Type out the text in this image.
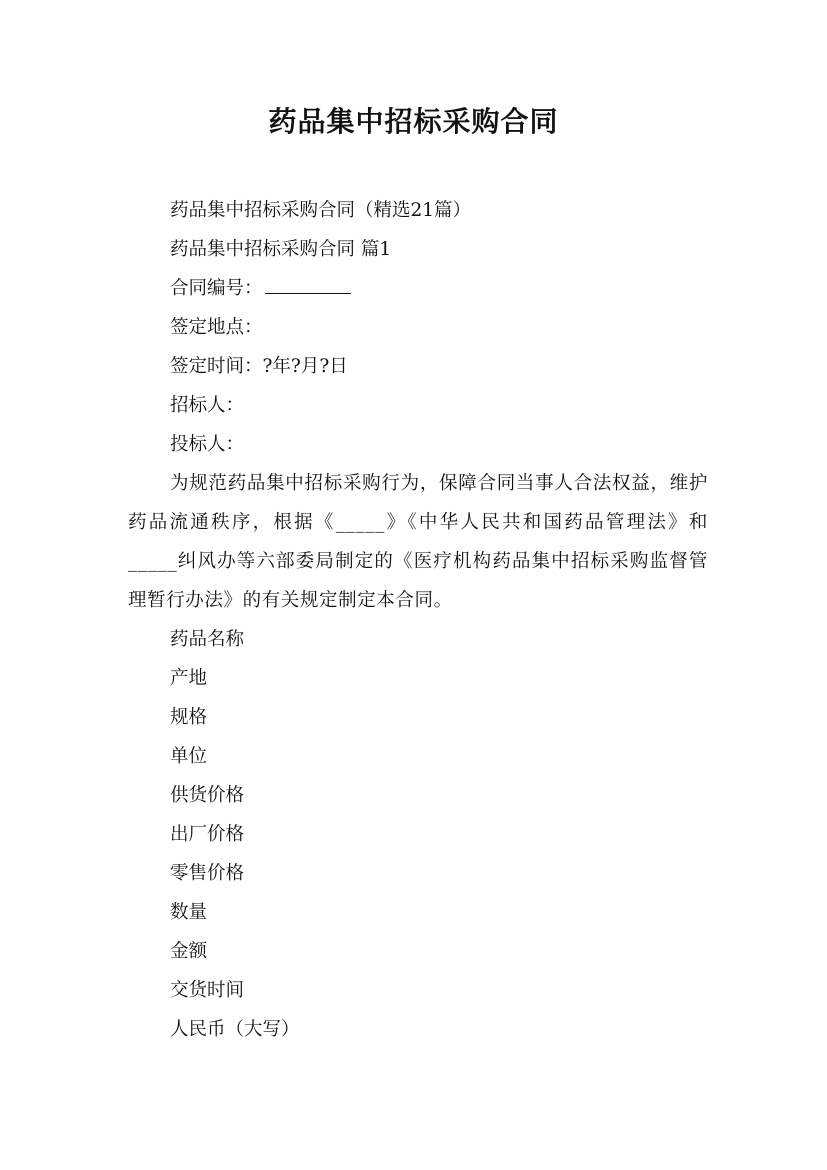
药品集中招标采购合同

药品集中招标采购合同（精选21篇）

药品集中招标采购合同 篇1

合同编号：

签定地点：

签定时间：?年?月?日

招标人：

投标人：

为规范药品集中招标采购行为，保障合同当事人合法权益，维护药品流通秩序，根据《_____》《中华人民共和国药品管理法》和_____纠风办等六部委局制定的《医疗机构药品集中招标采购监督管理暂行办法》的有关规定制定本合同。

药品名称

产地

规格

单位

供货价格

出厂价格

零售价格

数量

金额

交货时间

人民币（大写）
